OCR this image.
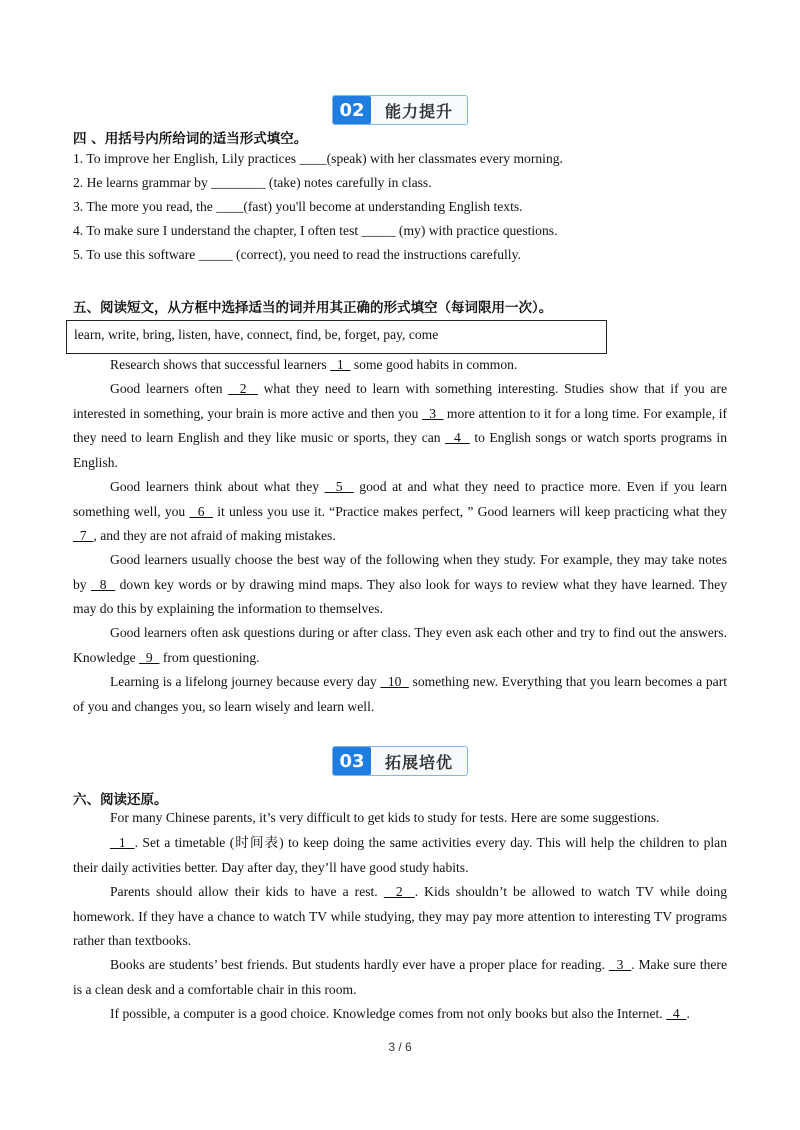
02	能力提升
四 、用括号内所给词的适当形式填空。
1. To improve her English, Lily practices ____(speak) with her classmates every morning.
2. He learns grammar by ________ (take) notes carefully in class.
3. The more you read, the ____(fast) you'll become at understanding English texts.
4. To make sure I understand the chapter, I often test _____ (my) with practice questions.
5. To use this software _____ (correct), you need to read the instructions carefully.
五、阅读短文，从方框中选择适当的词并用其正确的形式填空（每词限用一次）。
learn, write, bring, listen, have, connect, find, be, forget, pay, come
Research shows that successful learners   1   some good habits in common.
Good learners often   2   what they need to learn with something interesting. Studies show that if you are interested in something, your brain is more active and then you   3   more attention to it for a long time. For example, if they need to learn English and they like music or sports, they can   4   to English songs or watch sports programs in English.
Good learners think about what they   5   good at and what they need to practice more. Even if you learn something well, you   6   it unless you use it. “Practice makes perfect, ” Good learners will keep practicing what they   7  , and they are not afraid of making mistakes.
Good learners usually choose the best way of the following when they study. For example, they may take notes by   8   down key words or by drawing mind maps. They also look for ways to review what they have learned. They may do this by explaining the information to themselves.
Good learners often ask questions during or after class. They even ask each other and try to find out the answers. Knowledge   9   from questioning.
Learning is a lifelong journey because every day   10   something new. Everything that you learn becomes a part of you and changes you, so learn wisely and learn well.
03	拓展培优
六、阅读还原。
For many Chinese parents, it’s very difficult to get kids to study for tests. Here are some suggestions.
1  . Set a timetable (时间表) to keep doing the same activities every day. This will help the children to plan their daily activities better. Day after day, they’ll have good study habits.
Parents should allow their kids to have a rest.   2  . Kids shouldn’t be allowed to watch TV while doing homework. If they have a chance to watch TV while studying, they may pay more attention to interesting TV programs rather than textbooks.
Books are students’ best friends. But students hardly ever have a proper place for reading.   3  . Make sure there is a clean desk and a comfortable chair in this room.
If possible, a computer is a good choice. Knowledge comes from not only books but also the Internet.   4  .
3 / 6
